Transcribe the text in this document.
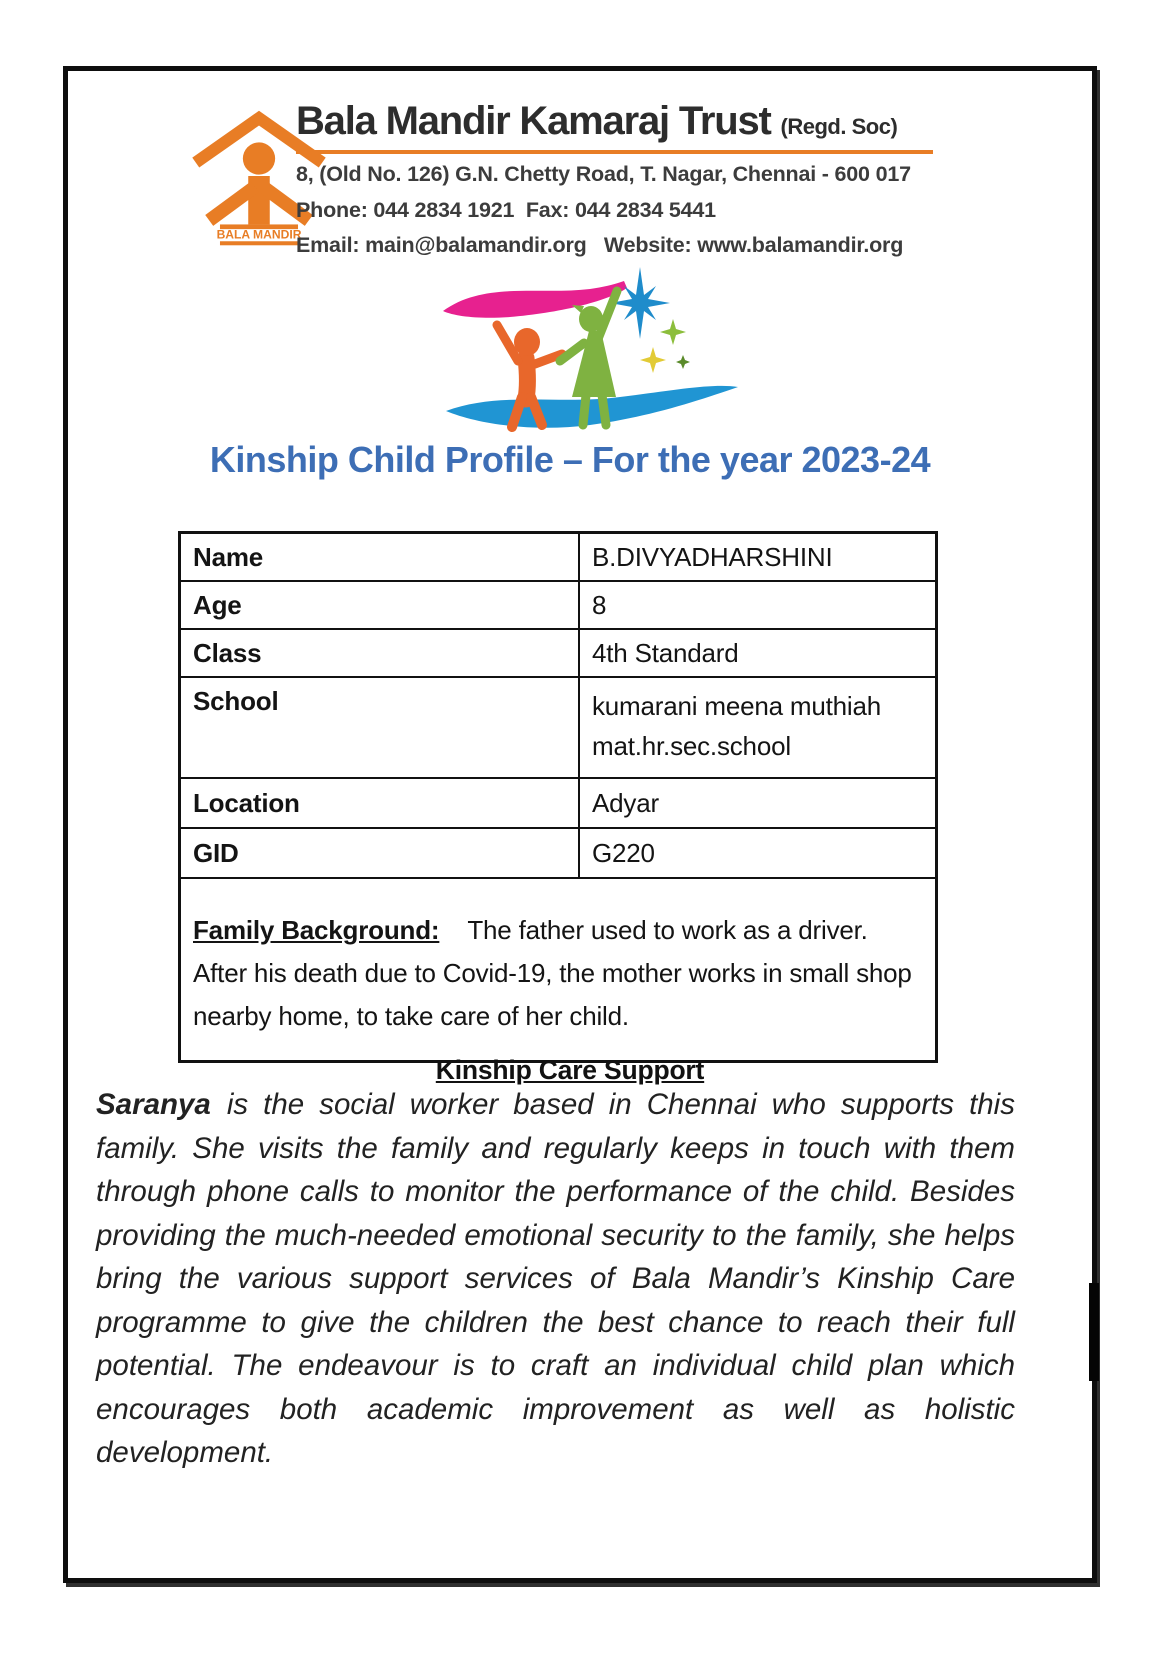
BALA MANDIR
Bala Mandir Kamaraj Trust (Regd. Soc)
8, (Old No. 126) G.N. Chetty Road, T. Nagar, Chennai - 600 017
Phone: 044 2834 1921  Fax: 044 2834 5441
Email: main@balamandir.org   Website: www.balamandir.org
Kinship Child Profile – For the year 2023-24
Name	B.DIVYADHARSHINI
Age	8
Class	4th Standard
School	kumarani meena muthiah mat.hr.sec.school
Location	Adyar
GID	G220
Family Background: The father used to work as a driver. After his death due to Covid-19, the mother works in small shop nearby home, to take care of her child.	
Kinship Care Support

Saranya is the social worker based in Chennai who supports this family. She visits the family and regularly keeps in touch with them through phone calls to monitor the performance of the child. Besides providing the much-needed emotional security to the family, she helps bring the various support services of Bala Mandir’s Kinship Care programme to give the children the best chance to reach their full potential. The endeavour is to craft an individual child plan which encourages both academic improvement as well as holistic development.
